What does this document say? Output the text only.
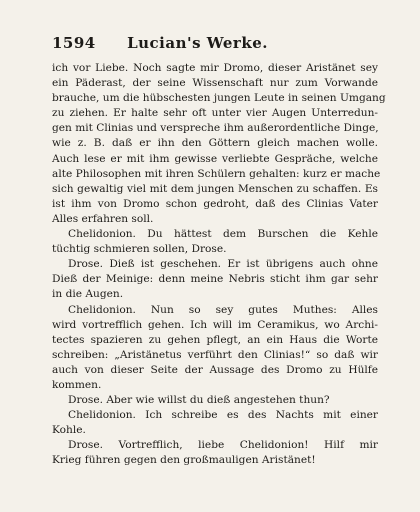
1594 Lucian's Werke.
ich vor Liebe. Noch sagte mir Dromo, dieser Aristänet sey
ein Päderast, der seine Wissenschaft nur zum Vorwande
brauche, um die hübschesten jungen Leute in seinen Umgang
zu ziehen. Er halte sehr oft unter vier Augen Unterredun-
gen mit Clinias und verspreche ihm außerordentliche Dinge,
wie z. B. daß er ihn den Göttern gleich machen wolle.
Auch lese er mit ihm gewisse verliebte Gespräche, welche
alte Philosophen mit ihren Schülern gehalten: kurz er mache
sich gewaltig viel mit dem jungen Menschen zu schaffen. Es
ist ihm von Dromo schon gedroht, daß des Clinias Vater
Alles erfahren soll.
Chelidonion. Du hättest dem Burschen die Kehle
tüchtig schmieren sollen, Drose.
Drose. Dieß ist geschehen. Er ist übrigens auch ohne
Dieß der Meinige: denn meine Nebris sticht ihm gar sehr
in die Augen.
Chelidonion. Nun so sey gutes Muthes: Alles
wird vortrefflich gehen. Ich will im Ceramikus, wo Archi-
tectes spazieren zu gehen pflegt, an ein Haus die Worte
schreiben: „Aristänetus verführt den Clinias!“ so daß wir
auch von dieser Seite der Aussage des Dromo zu Hülfe
kommen.
Drose. Aber wie willst du dieß angestehen thun?
Chelidonion. Ich schreibe es des Nachts mit einer
Kohle.
Drose. Vortrefflich, liebe Chelidonion! Hilf mir
Krieg führen gegen den großmauligen Aristänet!
